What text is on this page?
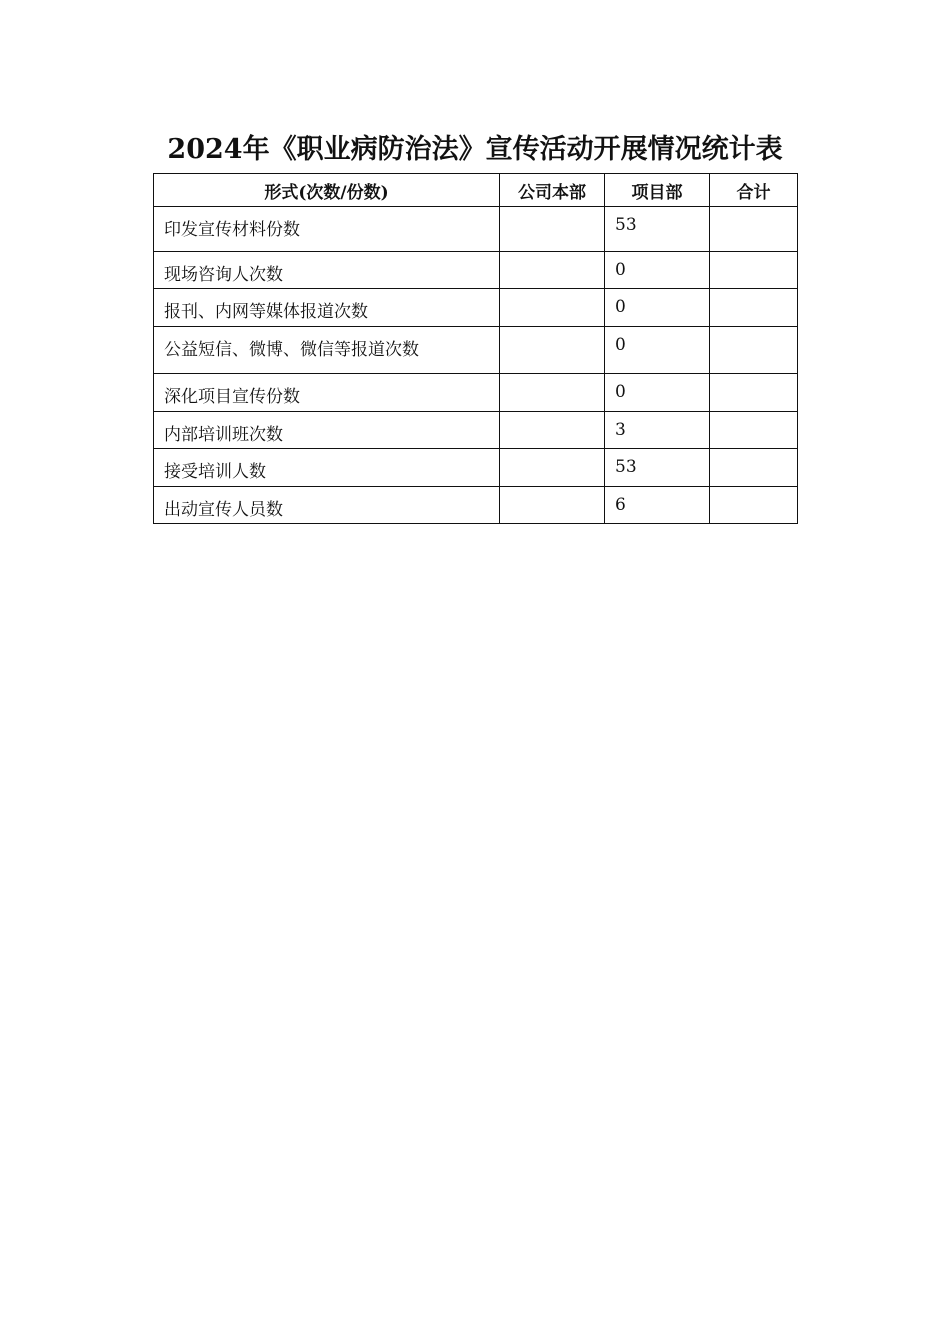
2024年《职业病防治法》宣传活动开展情况统计表
形式(次数/份数)	公司本部	项目部	合计
印发宣传材料份数		53	
现场咨询人次数		0	
报刊、内网等媒体报道次数		0	
公益短信、微博、微信等报道次数		0	
深化项目宣传份数		0	
内部培训班次数		3	
接受培训人数		53	
出动宣传人员数		6	
